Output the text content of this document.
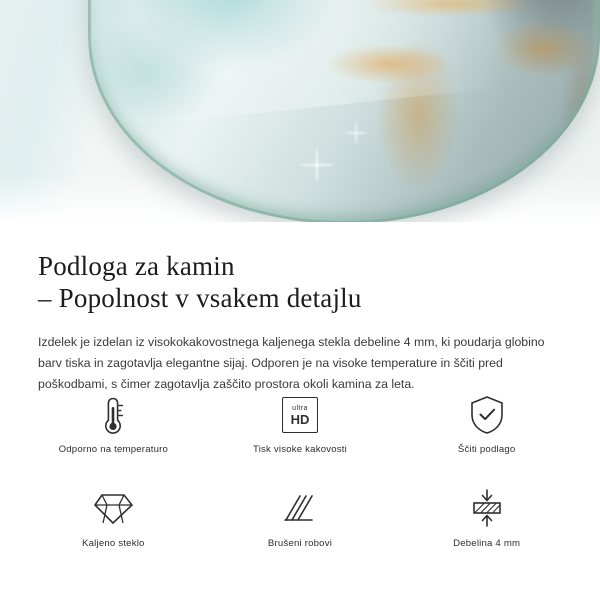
Podloga za kamin
– Popolnost v vsakem detajlu

Izdelek je izdelan iz visokokakovostnega kaljenega stekla debeline 4 mm, ki poudarja globino barv tiska in zagotavlja elegantne sijaj. Odporen je na visoke temperature in ščiti pred poškodbami, s čimer zagotavlja zaščito prostora okoli kamina za leta.

Odporno na temperaturo
ultra
HD
Tisk visoke kakovosti	Ščiti podlago
Kaljeno steklo	Brušeni robovi	Debelina 4 mm
